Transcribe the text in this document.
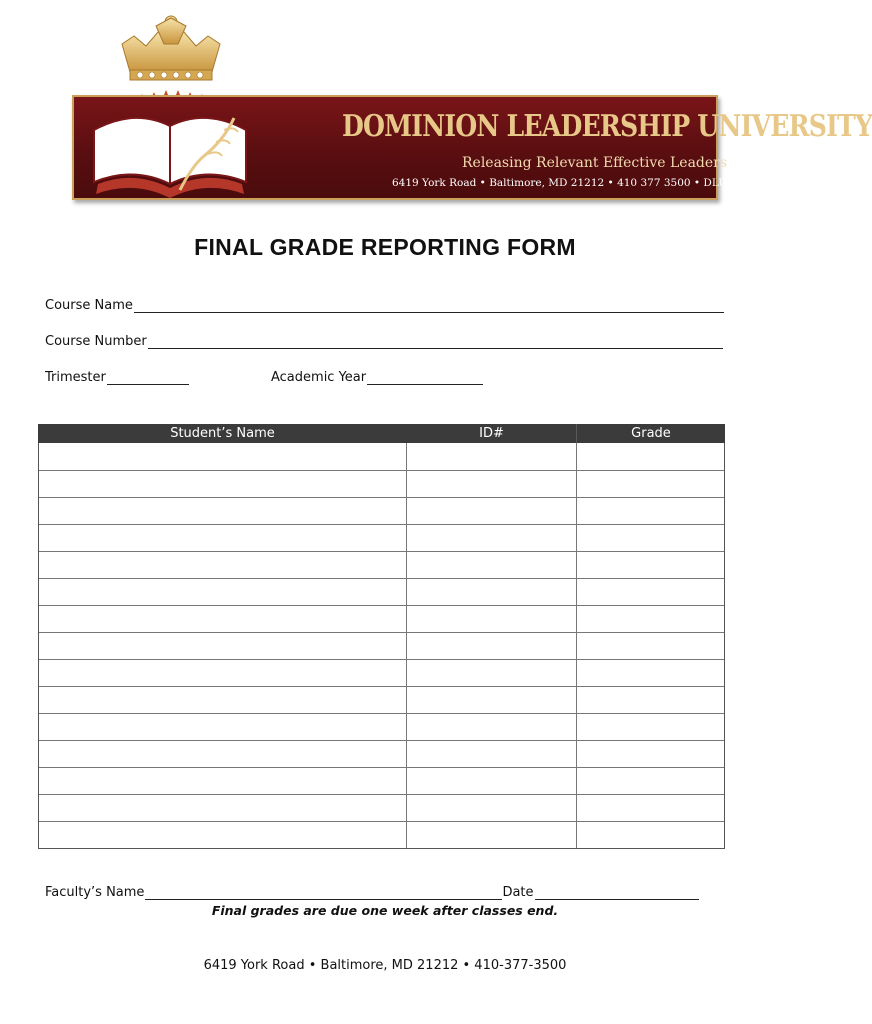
DOMINION LEADERSHIP UNIVERSITY
Releasing Relevant Effective Leaders
6419 York Road • Baltimore, MD 21212 • 410 377 3500 • DLUToday.org
FINAL GRADE REPORTING FORM
Course Name
Course Number
Trimester	Academic Year
Student’s Name	ID#	Grade
Faculty’s Name	Date
Final grades are due one week after classes end.
6419 York Road • Baltimore, MD 21212 • 410-377-3500
